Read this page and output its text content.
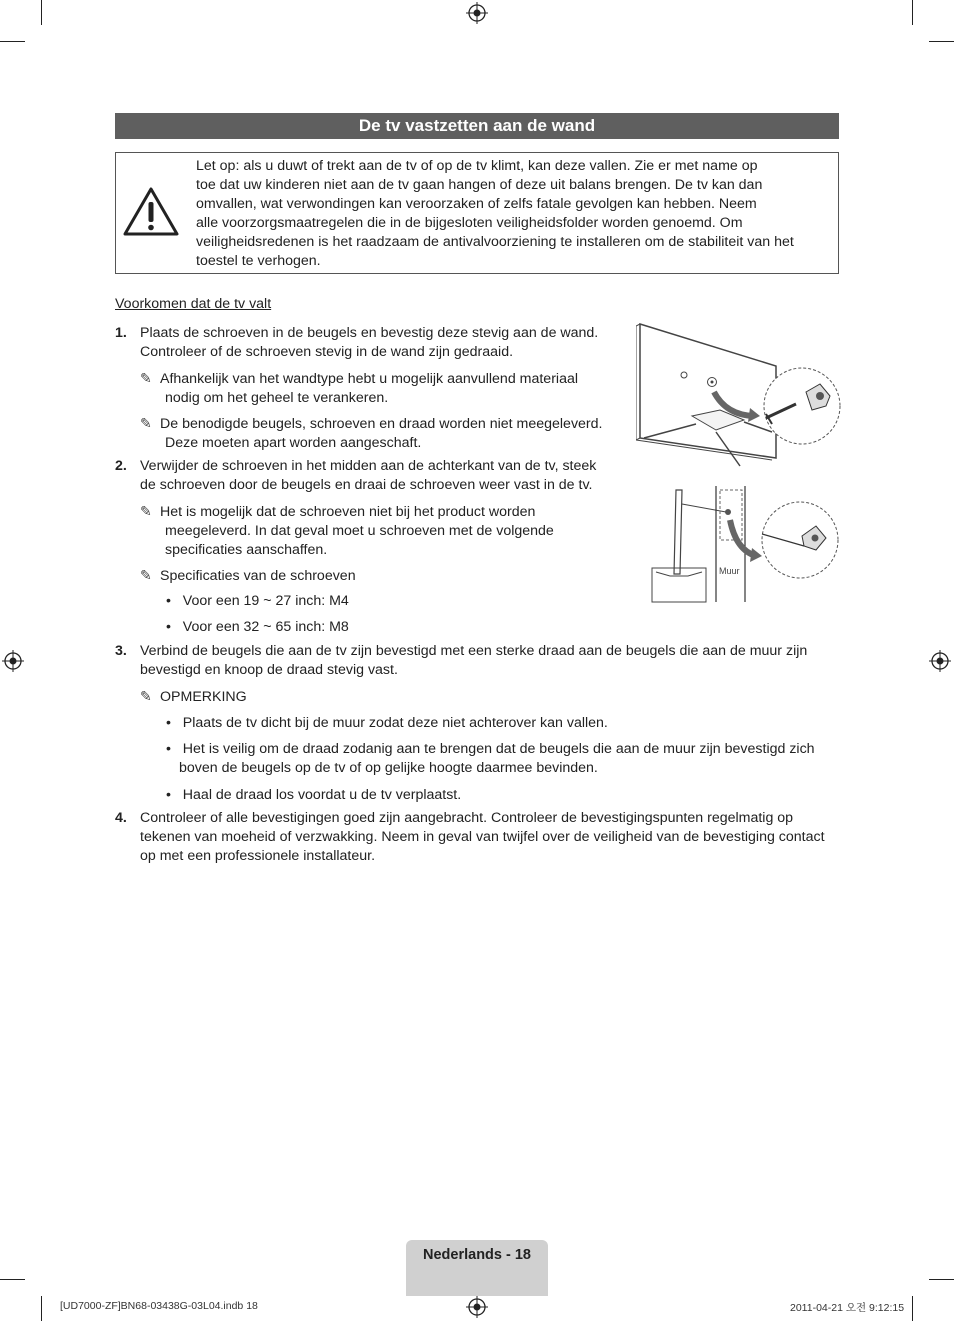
De tv vastzetten aan de wand
Let op: als u duwt of trekt aan de tv of op de tv klimt, kan deze vallen. Zie er met name op
toe dat uw kinderen niet aan de tv gaan hangen of deze uit balans brengen. De tv kan dan
omvallen, wat verwondingen kan veroorzaken of zelfs fatale gevolgen kan hebben. Neem
alle voorzorgsmaatregelen die in de bijgesloten veiligheidsfolder worden genoemd. Om
veiligheidsredenen is het raadzaam de antivalvoorziening te installeren om de stabiliteit van het
toestel te verhogen.
Voorkomen dat de tv valt
1. Plaats de schroeven in de beugels en bevestig deze stevig aan de wand.
Controleer of de schroeven stevig in de wand zijn gedraaid.
✎ Afhankelijk van het wandtype hebt u mogelijk aanvullend materiaal
nodig om het geheel te verankeren.
✎ De benodigde beugels, schroeven en draad worden niet meegeleverd.
Deze moeten apart worden aangeschaft.
2. Verwijder de schroeven in het midden aan de achterkant van de tv, steek
de schroeven door de beugels en draai de schroeven weer vast in de tv.
✎ Het is mogelijk dat de schroeven niet bij het product worden
meegeleverd. In dat geval moet u schroeven met de volgende
specificaties aanschaffen.
✎ Specificaties van de schroeven
•   Voor een 19 ~ 27 inch: M4
•   Voor een 32 ~ 65 inch: M8
3. Verbind de beugels die aan de tv zijn bevestigd met een sterke draad aan de beugels die aan de muur zijn
bevestigd en knoop de draad stevig vast.
✎ OPMERKING
•   Plaats de tv dicht bij de muur zodat deze niet achterover kan vallen.
•   Het is veilig om de draad zodanig aan te brengen dat de beugels die aan de muur zijn bevestigd zich
boven de beugels op de tv of op gelijke hoogte daarmee bevinden.
•   Haal de draad los voordat u de tv verplaatst.
4. Controleer of alle bevestigingen goed zijn aangebracht. Controleer de bevestigingspunten regelmatig op
tekenen van moeheid of verzwakking. Neem in geval van twijfel over de veiligheid van de bevestiging contact
op met een professionele installateur.
Muur
Nederlands - 18
[UD7000-ZF]BN68-03438G-03L04.indb 18	2011-04-21 오전 9:12:15
